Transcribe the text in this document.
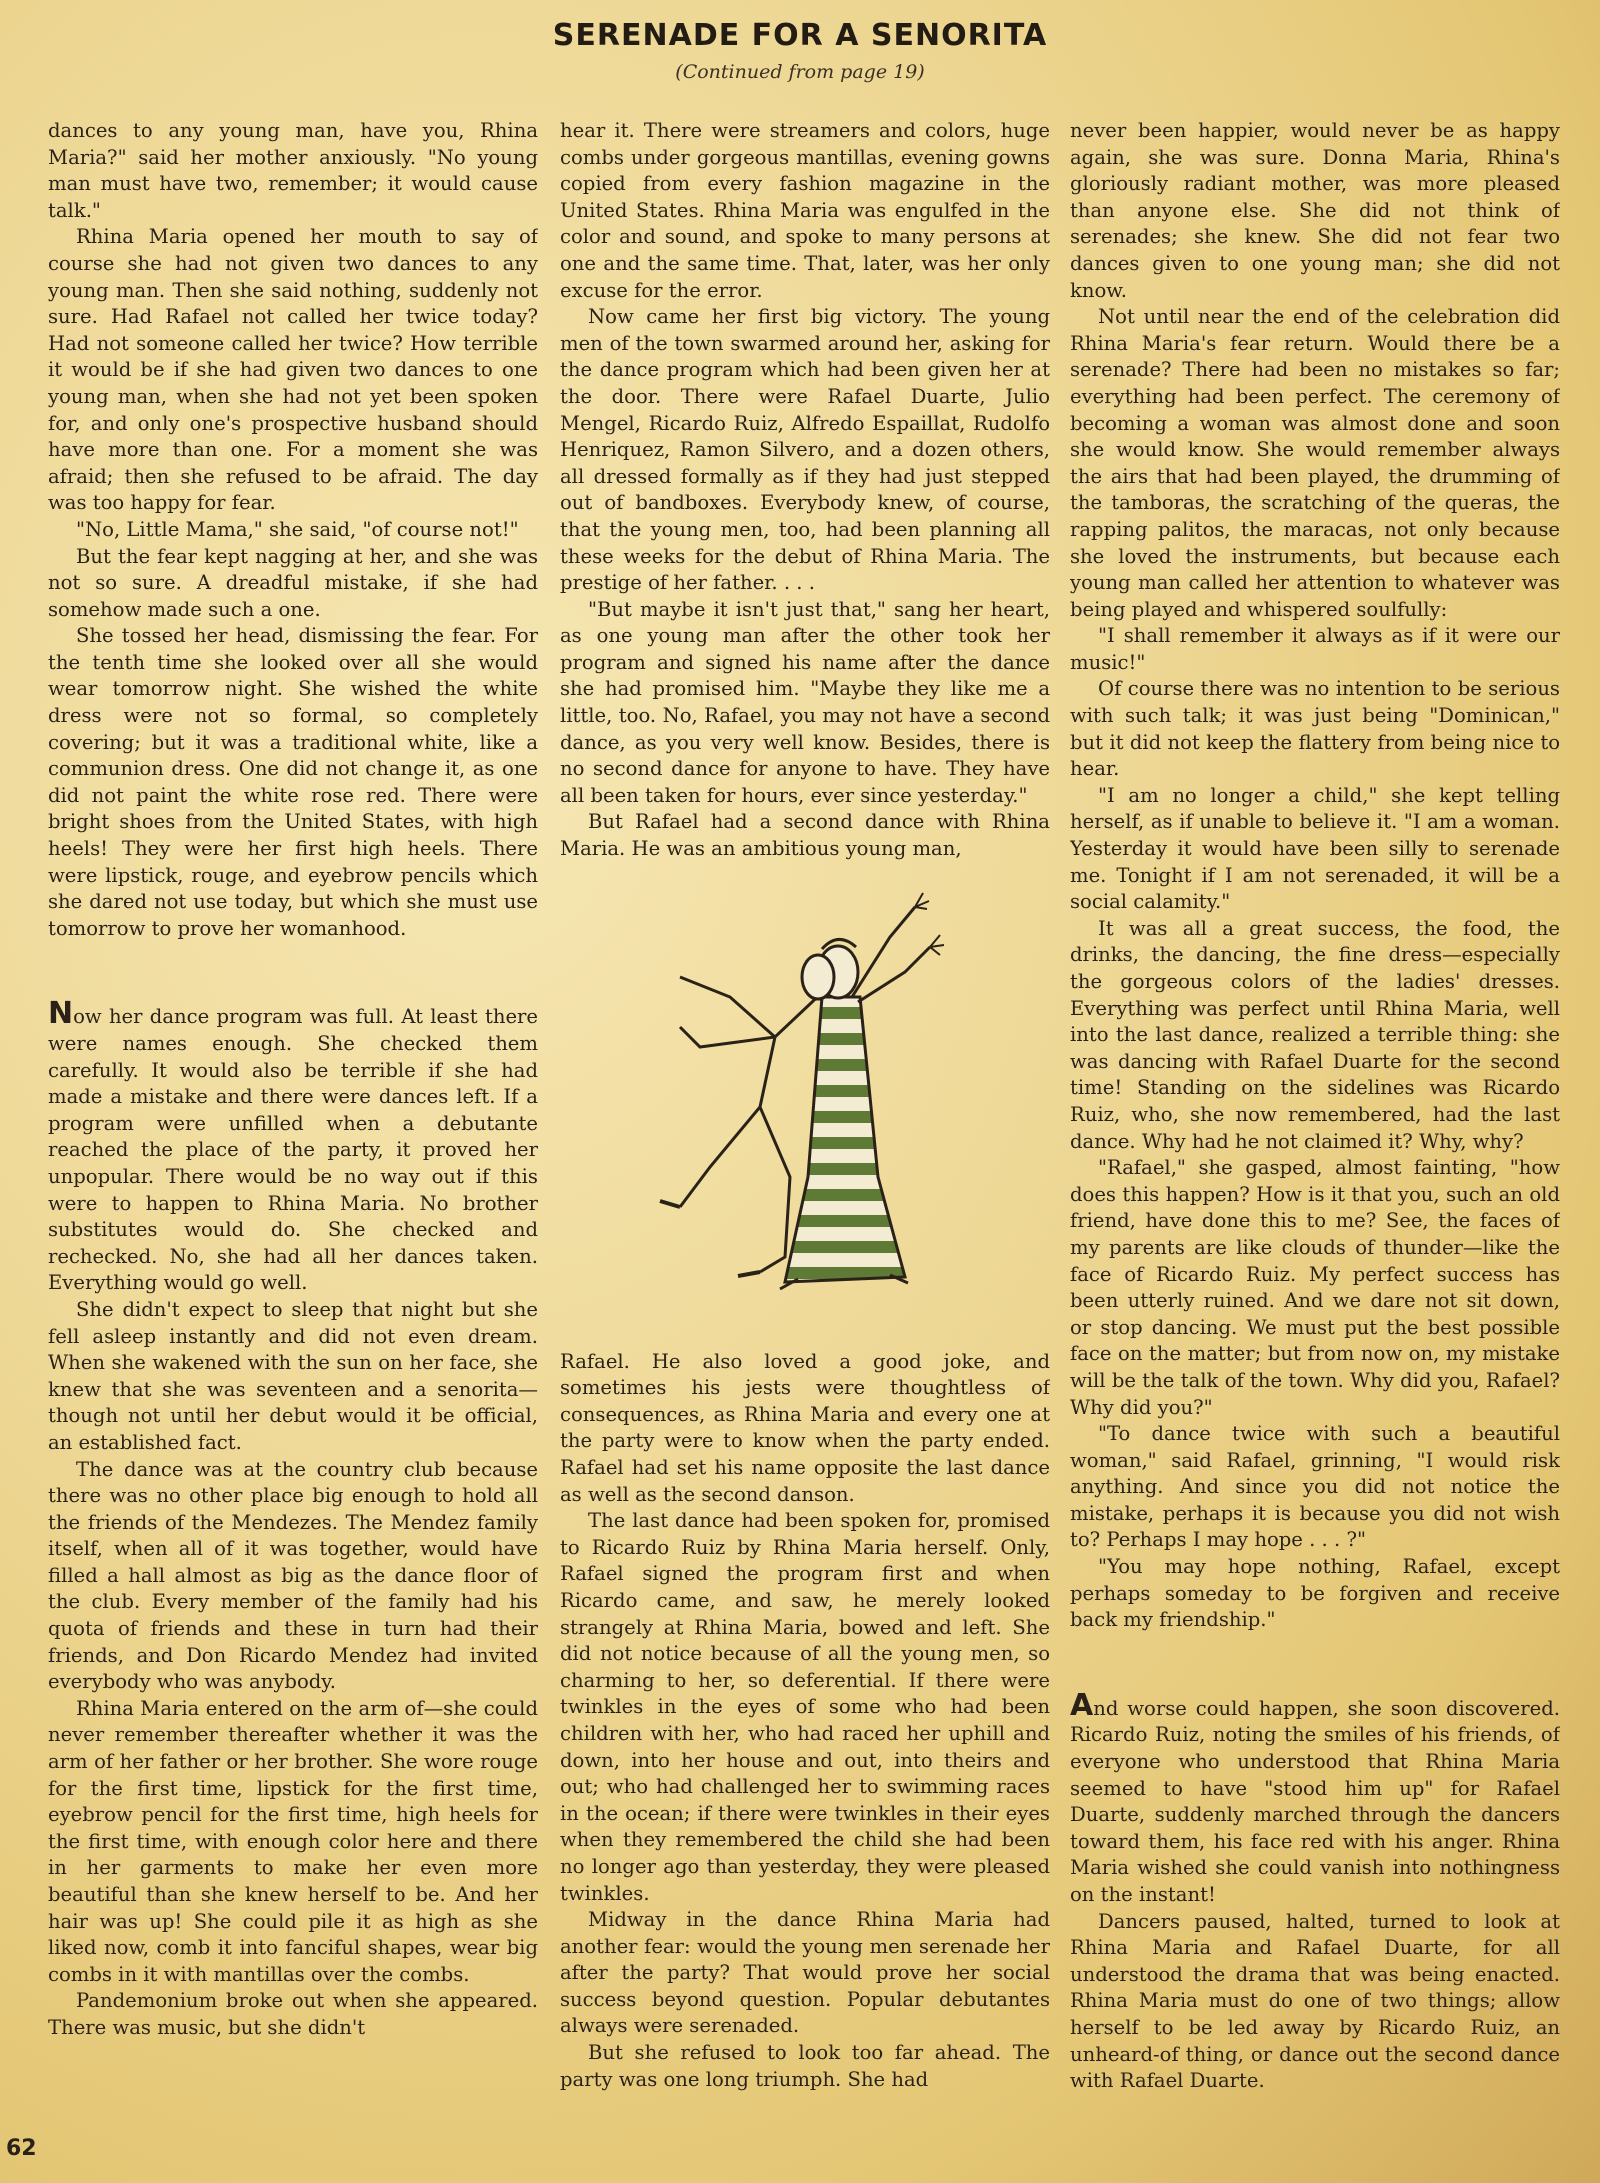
SERENADE FOR A SENORITA
(Continued from page 19)

dances to any young man, have you, Rhina Maria?" said her mother anxiously. "No young man must have two, remember; it would cause talk."

Rhina Maria opened her mouth to say of course she had not given two dances to any young man. Then she said nothing, suddenly not sure. Had Rafael not called her twice today? Had not someone called her twice? How terrible it would be if she had given two dances to one young man, when she had not yet been spoken for, and only one's prospective husband should have more than one. For a moment she was afraid; then she refused to be afraid. The day was too happy for fear.

"No, Little Mama," she said, "of course not!"

But the fear kept nagging at her, and she was not so sure. A dreadful mistake, if she had somehow made such a one.

She tossed her head, dismissing the fear. For the tenth time she looked over all she would wear tomorrow night. She wished the white dress were not so formal, so completely covering; but it was a traditional white, like a communion dress. One did not change it, as one did not paint the white rose red. There were bright shoes from the United States, with high heels! They were her first high heels. There were lipstick, rouge, and eyebrow pencils which she dared not use today, but which she must use tomorrow to prove her womanhood.

Now her dance program was full. At least there were names enough. She checked them carefully. It would also be terrible if she had made a mistake and there were dances left. If a program were unfilled when a debutante reached the place of the party, it proved her unpopular. There would be no way out if this were to happen to Rhina Maria. No brother substitutes would do. She checked and rechecked. No, she had all her dances taken. Everything would go well.

She didn't expect to sleep that night but she fell asleep instantly and did not even dream. When she wakened with the sun on her face, she knew that she was seventeen and a senorita—though not until her debut would it be official, an established fact.

The dance was at the country club because there was no other place big enough to hold all the friends of the Mendezes. The Mendez family itself, when all of it was together, would have filled a hall almost as big as the dance floor of the club. Every member of the family had his quota of friends and these in turn had their friends, and Don Ricardo Mendez had invited everybody who was anybody.

Rhina Maria entered on the arm of—she could never remember thereafter whether it was the arm of her father or her brother. She wore rouge for the first time, lipstick for the first time, eyebrow pencil for the first time, high heels for the first time, with enough color here and there in her garments to make her even more beautiful than she knew herself to be. And her hair was up! She could pile it as high as she liked now, comb it into fanciful shapes, wear big combs in it with mantillas over the combs.

Pandemonium broke out when she appeared. There was music, but she didn't

hear it. There were streamers and colors, huge combs under gorgeous mantillas, evening gowns copied from every fashion magazine in the United States. Rhina Maria was engulfed in the color and sound, and spoke to many persons at one and the same time. That, later, was her only excuse for the error.

Now came her first big victory. The young men of the town swarmed around her, asking for the dance program which had been given her at the door. There were Rafael Duarte, Julio Mengel, Ricardo Ruiz, Alfredo Espaillat, Rudolfo Henriquez, Ramon Silvero, and a dozen others, all dressed formally as if they had just stepped out of bandboxes. Everybody knew, of course, that the young men, too, had been planning all these weeks for the debut of Rhina Maria. The prestige of her father. . . .

"But maybe it isn't just that," sang her heart, as one young man after the other took her program and signed his name after the dance she had promised him. "Maybe they like me a little, too. No, Rafael, you may not have a second dance, as you very well know. Besides, there is no second dance for anyone to have. They have all been taken for hours, ever since yesterday."

But Rafael had a second dance with Rhina Maria. He was an ambitious young man,

Rafael. He also loved a good joke, and sometimes his jests were thoughtless of consequences, as Rhina Maria and every one at the party were to know when the party ended. Rafael had set his name opposite the last dance as well as the second danson.

The last dance had been spoken for, promised to Ricardo Ruiz by Rhina Maria herself. Only, Rafael signed the program first and when Ricardo came, and saw, he merely looked strangely at Rhina Maria, bowed and left. She did not notice because of all the young men, so charming to her, so deferential. If there were twinkles in the eyes of some who had been children with her, who had raced her uphill and down, into her house and out, into theirs and out; who had challenged her to swimming races in the ocean; if there were twinkles in their eyes when they remembered the child she had been no longer ago than yesterday, they were pleased twinkles.

Midway in the dance Rhina Maria had another fear: would the young men serenade her after the party? That would prove her social success beyond question. Popular debutantes always were serenaded.

But she refused to look too far ahead. The party was one long triumph. She had

never been happier, would never be as happy again, she was sure. Donna Maria, Rhina's gloriously radiant mother, was more pleased than anyone else. She did not think of serenades; she knew. She did not fear two dances given to one young man; she did not know.

Not until near the end of the celebration did Rhina Maria's fear return. Would there be a serenade? There had been no mistakes so far; everything had been perfect. The ceremony of becoming a woman was almost done and soon she would know. She would remember always the airs that had been played, the drumming of the tamboras, the scratching of the queras, the rapping palitos, the maracas, not only because she loved the instruments, but because each young man called her attention to whatever was being played and whispered soulfully:

"I shall remember it always as if it were our music!"

Of course there was no intention to be serious with such talk; it was just being "Dominican," but it did not keep the flattery from being nice to hear.

"I am no longer a child," she kept telling herself, as if unable to believe it. "I am a woman. Yesterday it would have been silly to serenade me. Tonight if I am not serenaded, it will be a social calamity."

It was all a great success, the food, the drinks, the dancing, the fine dress—especially the gorgeous colors of the ladies' dresses. Everything was perfect until Rhina Maria, well into the last dance, realized a terrible thing: she was dancing with Rafael Duarte for the second time! Standing on the sidelines was Ricardo Ruiz, who, she now remembered, had the last dance. Why had he not claimed it? Why, why?

"Rafael," she gasped, almost fainting, "how does this happen? How is it that you, such an old friend, have done this to me? See, the faces of my parents are like clouds of thunder—like the face of Ricardo Ruiz. My perfect success has been utterly ruined. And we dare not sit down, or stop dancing. We must put the best possible face on the matter; but from now on, my mistake will be the talk of the town. Why did you, Rafael? Why did you?"

"To dance twice with such a beautiful woman," said Rafael, grinning, "I would risk anything. And since you did not notice the mistake, perhaps it is because you did not wish to? Perhaps I may hope . . . ?"

"You may hope nothing, Rafael, except perhaps someday to be forgiven and receive back my friendship."

And worse could happen, she soon discovered. Ricardo Ruiz, noting the smiles of his friends, of everyone who understood that Rhina Maria seemed to have "stood him up" for Rafael Duarte, suddenly marched through the dancers toward them, his face red with his anger. Rhina Maria wished she could vanish into nothingness on the instant!

Dancers paused, halted, turned to look at Rhina Maria and Rafael Duarte, for all understood the drama that was being enacted. Rhina Maria must do one of two things; allow herself to be led away by Ricardo Ruiz, an unheard-of thing, or dance out the second dance with Rafael Duarte.

62
